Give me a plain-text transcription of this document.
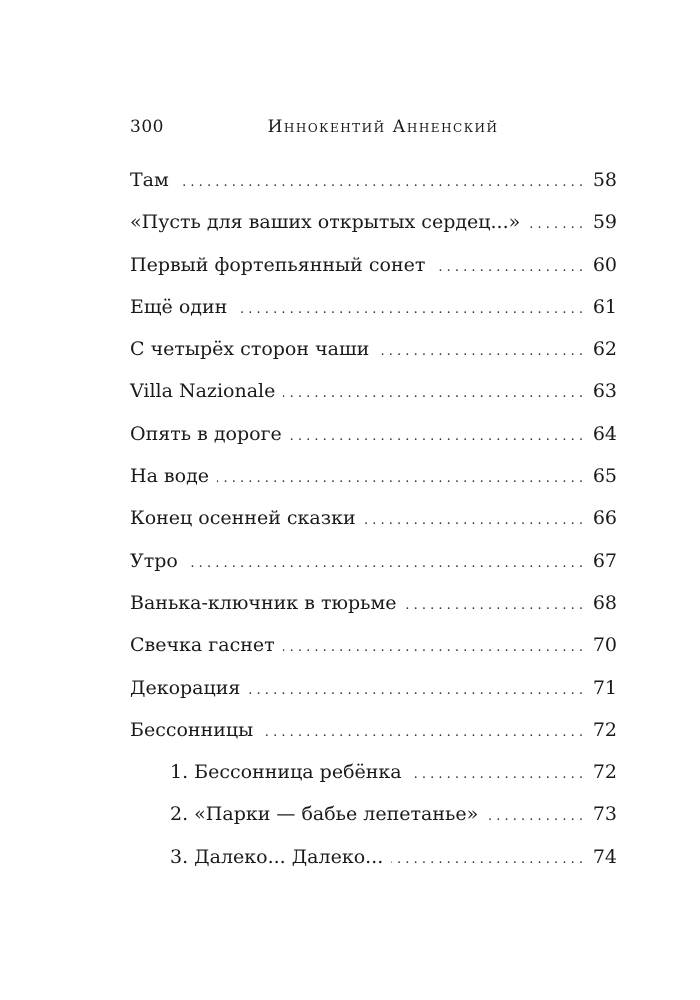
300	Иннокентий Анненский
Там . . .	58
«Пусть для ваших открытых сердец...» . . .	59
Первый фортепьянный сонет . . .	60
Ещё один . . .	61
С четырёх сторон чаши . . .	62
Villa Nazionale . . .	63
Опять в дороге . . .	64
На воде . . .	65
Конец осенней сказки . . .	66
Утро . . .	67
Ванька-ключник в тюрьме . . .	68
Свечка гаснет . . .	70
Декорация . . .	71
Бессонницы . . .	72
1. Бессонница ребёнка . . .	72
2. «Парки — бабье лепетанье» . . .	73
3. Далеко... Далеко... . . .	74
